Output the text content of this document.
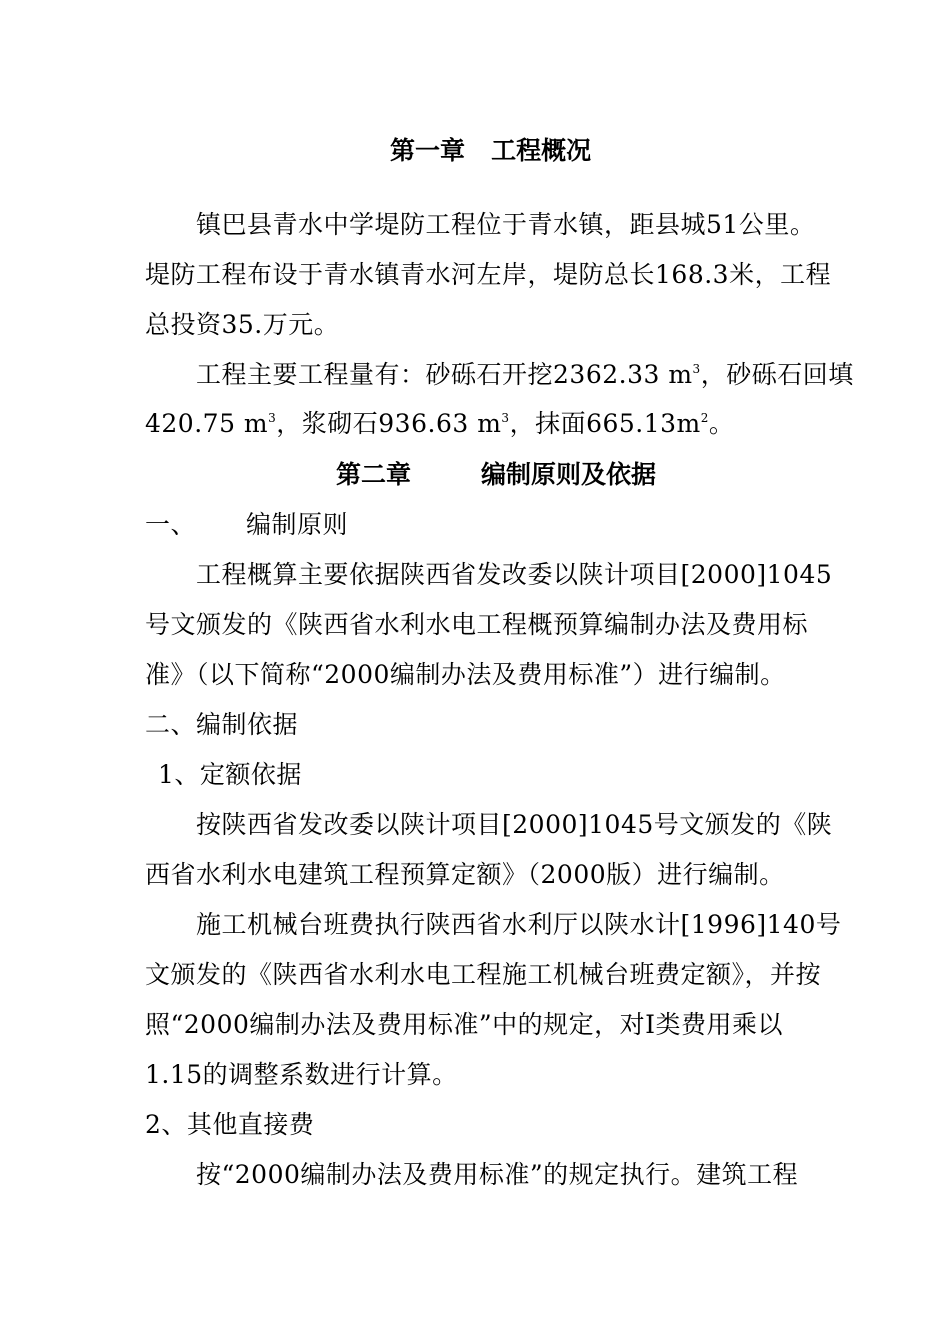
第一章 工程概况
镇巴县青水中学堤防工程位于青水镇，距县城51公里。
堤防工程布设于青水镇青水河左岸，堤防总长168.3米，工程
总投资35.万元。
工程主要工程量有：砂砾石开挖2362.33 $m^3$，砂砾石回填
420.75 $m^3$，浆砌石936.63 $m^3$，抹面$665.13m^2$。
第二章	编制原则及依据
一、 编制原则
工程概算主要依据陕西省发改委以陕计项目[2000]1045
号文颁发的《陕西省水利水电工程概预算编制办法及费用标
准》（以下简称“2000编制办法及费用标准”）进行编制。
二、编制依据
1、定额依据
按陕西省发改委以陕计项目[2000]1045号文颁发的《陕
西省水利水电建筑工程预算定额》（2000版）进行编制。
施工机械台班费执行陕西省水利厅以陕水计[1996]140号
文颁发的《陕西省水利水电工程施工机械台班费定额》，并按
照“2000编制办法及费用标准”中的规定，对Ⅰ类费用乘以
1.15的调整系数进行计算。
2、其他直接费
按“2000编制办法及费用标准”的规定执行。建筑工程
